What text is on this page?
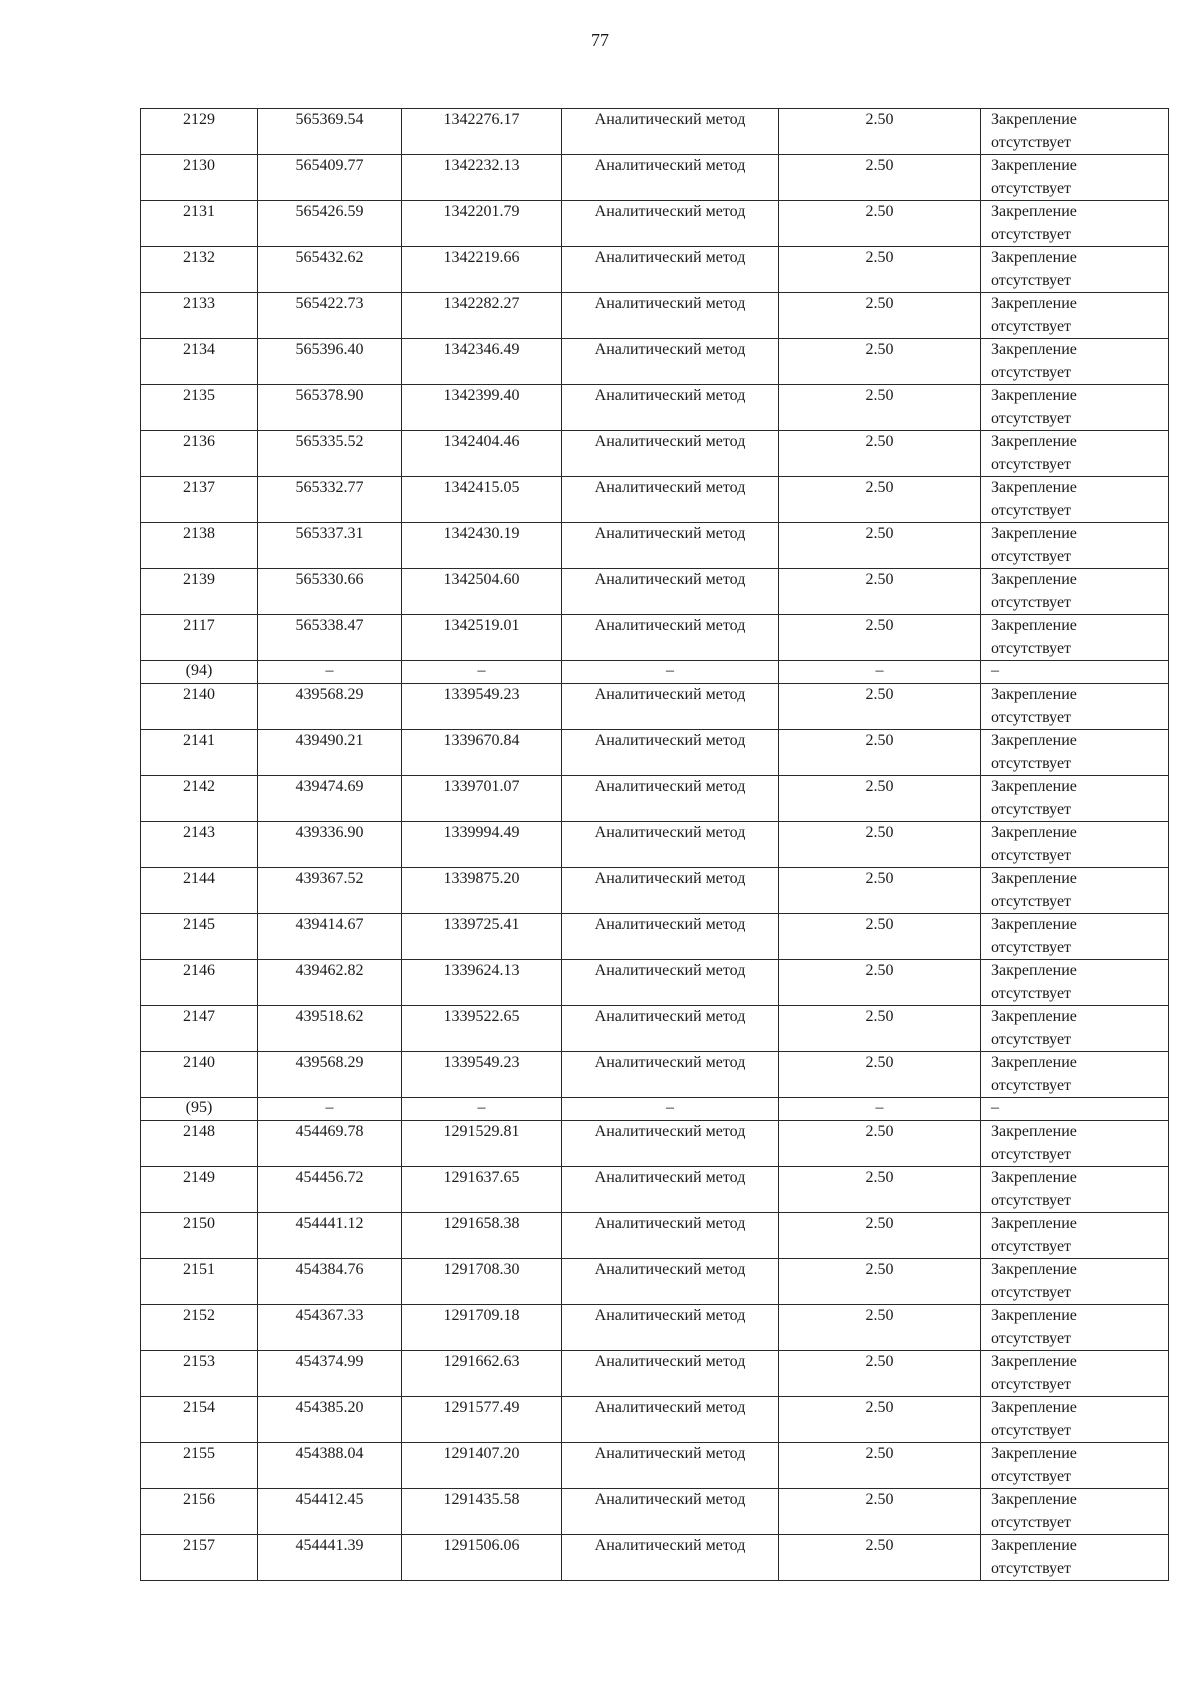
77
2129	565369.54	1342276.17	Аналитический метод	2.50	Закрепление отсутствует

2130	565409.77	1342232.13	Аналитический метод	2.50	Закрепление отсутствует

2131	565426.59	1342201.79	Аналитический метод	2.50	Закрепление отсутствует

2132	565432.62	1342219.66	Аналитический метод	2.50	Закрепление отсутствует

2133	565422.73	1342282.27	Аналитический метод	2.50	Закрепление отсутствует

2134	565396.40	1342346.49	Аналитический метод	2.50	Закрепление отсутствует

2135	565378.90	1342399.40	Аналитический метод	2.50	Закрепление отсутствует

2136	565335.52	1342404.46	Аналитический метод	2.50	Закрепление отсутствует

2137	565332.77	1342415.05	Аналитический метод	2.50	Закрепление отсутствует

2138	565337.31	1342430.19	Аналитический метод	2.50	Закрепление отсутствует

2139	565330.66	1342504.60	Аналитический метод	2.50	Закрепление отсутствует

2117	565338.47	1342519.01	Аналитический метод	2.50	Закрепление отсутствует

(94)	–	–	–	–	–
2140	439568.29	1339549.23	Аналитический метод	2.50	Закрепление отсутствует

2141	439490.21	1339670.84	Аналитический метод	2.50	Закрепление отсутствует

2142	439474.69	1339701.07	Аналитический метод	2.50	Закрепление отсутствует

2143	439336.90	1339994.49	Аналитический метод	2.50	Закрепление отсутствует

2144	439367.52	1339875.20	Аналитический метод	2.50	Закрепление отсутствует

2145	439414.67	1339725.41	Аналитический метод	2.50	Закрепление отсутствует

2146	439462.82	1339624.13	Аналитический метод	2.50	Закрепление отсутствует

2147	439518.62	1339522.65	Аналитический метод	2.50	Закрепление отсутствует

2140	439568.29	1339549.23	Аналитический метод	2.50	Закрепление отсутствует

(95)	–	–	–	–	–
2148	454469.78	1291529.81	Аналитический метод	2.50	Закрепление отсутствует

2149	454456.72	1291637.65	Аналитический метод	2.50	Закрепление отсутствует

2150	454441.12	1291658.38	Аналитический метод	2.50	Закрепление отсутствует

2151	454384.76	1291708.30	Аналитический метод	2.50	Закрепление отсутствует

2152	454367.33	1291709.18	Аналитический метод	2.50	Закрепление отсутствует

2153	454374.99	1291662.63	Аналитический метод	2.50	Закрепление отсутствует

2154	454385.20	1291577.49	Аналитический метод	2.50	Закрепление отсутствует

2155	454388.04	1291407.20	Аналитический метод	2.50	Закрепление отсутствует

2156	454412.45	1291435.58	Аналитический метод	2.50	Закрепление отсутствует

2157	454441.39	1291506.06	Аналитический метод	2.50	Закрепление отсутствует
